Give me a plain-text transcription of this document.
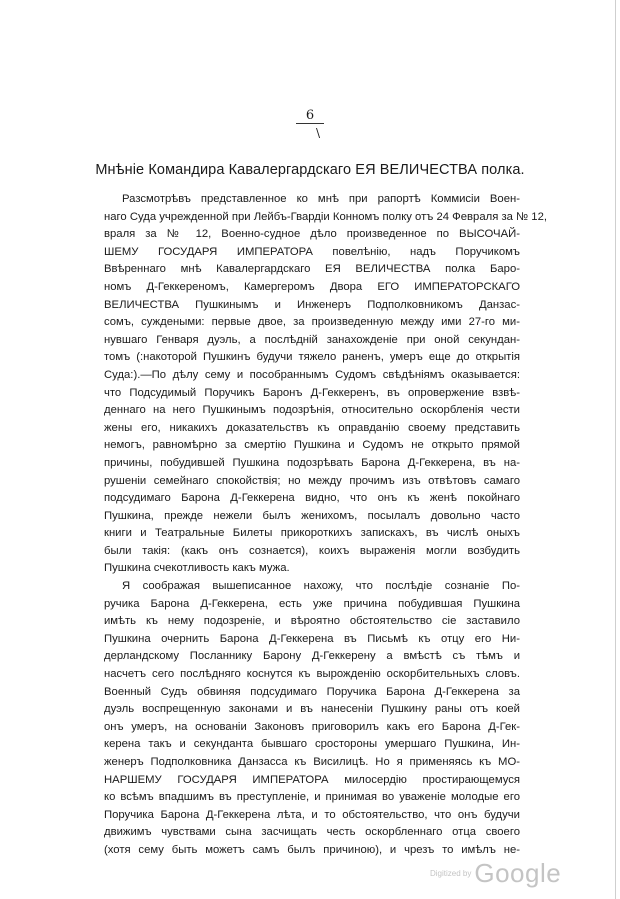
6
\
Мнѣніе Командира Кавалергардскаго ЕЯ ВЕЛИЧЕСТВА полка.
Разсмотрѣвъ представленное ко мнѣ при рапортѣ Коммисіи Воен-
наго Суда учрежденной при Лейбъ-Гвардіи Конномъ полку отъ 24 Февраля за № 12,
враля за № 12, Военно-судное дѣло произведенное по ВЫСОЧАЙ-
ШЕМУ ГОСУДАРЯ ИМПЕРАТОРА повелѣнію, надъ Поручикомъ
Ввѣреннаго мнѣ Кавалергардскаго ЕЯ ВЕЛИЧЕСТВА полка Баро-
номъ Д-Геккереномъ, Камергеромъ Двора ЕГО ИМПЕРАТОРСКАГО
ВЕЛИЧЕСТВА Пушкинымъ и Инженеръ Подполковникомъ Данзас-
сомъ, суждеными: первые двое, за произведенную между ими 27-го ми-
нувшаго Генваря дуэль, а послѣдній занахожденіе при оной секундан-
томъ (:накоторой Пушкинъ будучи тяжело раненъ, умеръ еще до открытія
Суда:).—По дѣлу сему и пособраннымъ Судомъ свѣдѣніямъ оказывается:
что Подсудимый Поручикъ Баронъ Д-Геккеренъ, въ опровержение взвѣ-
деннаго на него Пушкинымъ подозрѣнія, относительно оскорбленія чести
жены его, никакихъ доказательствъ къ оправданію своему представить
немогъ, равномѣрно за смертію Пушкина и Судомъ не открыто прямой
причины, побудившей Пушкина подозрѣвать Барона Д-Геккерена, въ на-
рушеніи семейнаго спокойствія; но между прочимъ изъ отвѣтовъ самаго
подсудимаго Барона Д-Геккерена видно, что онъ къ женѣ покойнаго
Пушкина, прежде нежели былъ женихомъ, посылалъ довольно часто
книги и Театральные Билеты прикороткихъ запискахъ, въ числѣ оныхъ
были такія: (какъ онъ сознается), коихъ выраженія могли возбудить
Пушкина счекотливость какъ мужа.
Я соображая вышеписанное нахожу, что послѣдіе сознаніе По-
ручика Барона Д-Геккерена, есть уже причина побудившая Пушкина
имѣть къ нему подозреніе, и вѣроятно обстоятельство сіе заставило
Пушкина очернить Барона Д-Геккерена въ Письмѣ къ отцу его Ни-
дерландскому Посланнику Барону Д-Геккерену а вмѣстѣ съ тѣмъ и
насчетъ сего послѣдняго коснутся къ вырожденію оскорбительныхъ словъ.
Военный Судъ обвиняя подсудимаго Поручика Барона Д-Геккерена за
дуэль воспрещенную законами и въ нанесеніи Пушкину раны отъ коей
онъ умеръ, на основаніи Законовъ приговорилъ какъ его Барона Д-Гек-
керена такъ и секунданта бывшаго сростороны умершаго Пушкина, Ин-
женеръ Подполковника Данзасса къ Висилицѣ. Но я применяясь къ МО-
НАРШЕМУ ГОСУДАРЯ ИМПЕРАТОРА милосердію простирающемуся
ко всѣмъ впадшимъ въ преступленіе, и принимая во уваженіе молодые его
Поручика Барона Д-Геккерена лѣта, и то обстоятельство, что онъ будучи
движимъ чувствами сына засчищать честь оскорбленнаго отца своего
(хотя сему быть можетъ самъ былъ причиною), и чрезъ то имѣлъ не-
Digitized by Google
